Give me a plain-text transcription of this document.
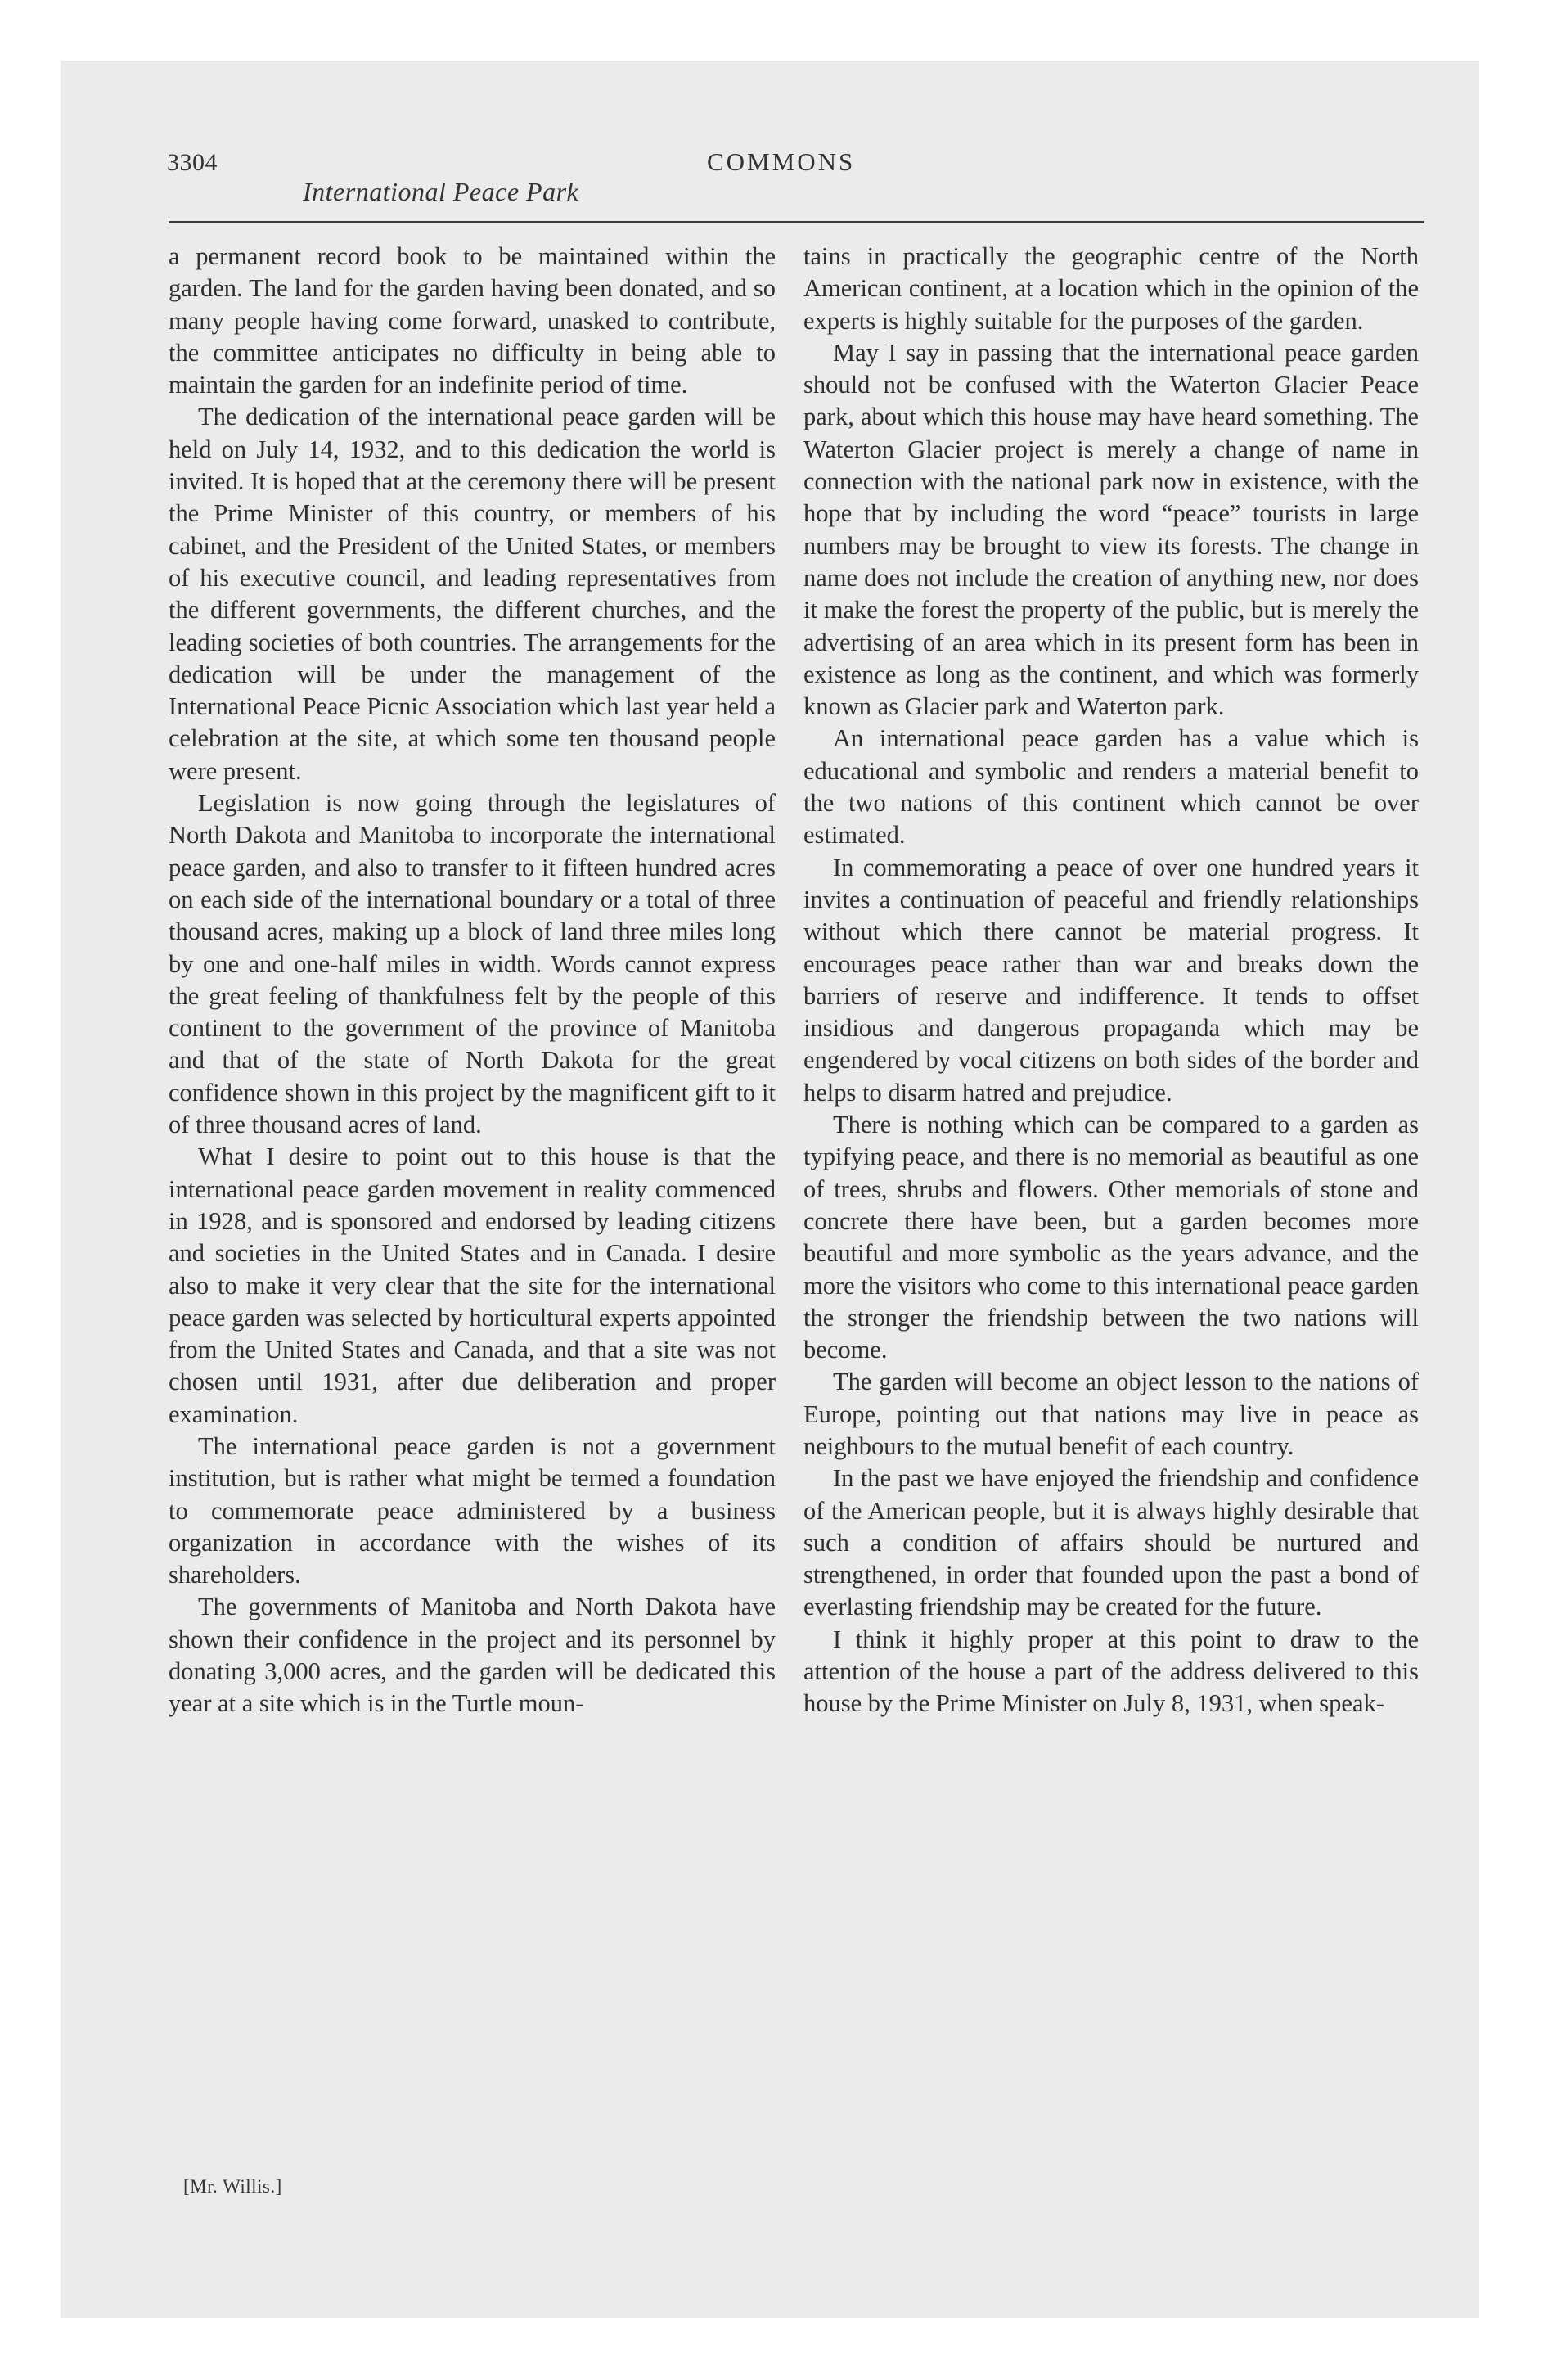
3304	COMMONS
International Peace Park

a permanent record book to be maintained within the garden. The land for the garden having been donated, and so many people having come forward, unasked to contribute, the committee anticipates no difficulty in being able to maintain the garden for an indefinite period of time.

The dedication of the international peace garden will be held on July 14, 1932, and to this dedication the world is invited. It is hoped that at the ceremony there will be present the Prime Minister of this country, or members of his cabinet, and the President of the United States, or members of his executive council, and leading representatives from the different governments, the different churches, and the leading societies of both countries. The arrangements for the dedication will be under the management of the International Peace Picnic Association which last year held a celebration at the site, at which some ten thousand people were present.

Legislation is now going through the legislatures of North Dakota and Manitoba to incorporate the international peace garden, and also to transfer to it fifteen hundred acres on each side of the international boundary or a total of three thousand acres, making up a block of land three miles long by one and one-half miles in width. Words cannot express the great feeling of thankfulness felt by the people of this continent to the government of the province of Manitoba and that of the state of North Dakota for the great confidence shown in this project by the magnificent gift to it of three thousand acres of land.

What I desire to point out to this house is that the international peace garden movement in reality commenced in 1928, and is sponsored and endorsed by leading citizens and societies in the United States and in Canada. I desire also to make it very clear that the site for the international peace garden was selected by horticultural experts appointed from the United States and Canada, and that a site was not chosen until 1931, after due deliberation and proper examination.

The international peace garden is not a government institution, but is rather what might be termed a foundation to commemorate peace administered by a business organization in accordance with the wishes of its shareholders.

The governments of Manitoba and North Dakota have shown their confidence in the project and its personnel by donating 3,000 acres, and the garden will be dedicated this year at a site which is in the Turtle moun-

tains in practically the geographic centre of the North American continent, at a location which in the opinion of the experts is highly suitable for the purposes of the garden.

May I say in passing that the international peace garden should not be confused with the Waterton Glacier Peace park, about which this house may have heard something. The Waterton Glacier project is merely a change of name in connection with the national park now in existence, with the hope that by including the word “peace” tourists in large numbers may be brought to view its forests. The change in name does not include the creation of anything new, nor does it make the forest the property of the public, but is merely the advertising of an area which in its present form has been in existence as long as the continent, and which was formerly known as Glacier park and Waterton park.

An international peace garden has a value which is educational and symbolic and renders a material benefit to the two nations of this continent which cannot be over estimated.

In commemorating a peace of over one hundred years it invites a continuation of peaceful and friendly relationships without which there cannot be material progress. It encourages peace rather than war and breaks down the barriers of reserve and indifference. It tends to offset insidious and dangerous propaganda which may be engendered by vocal citizens on both sides of the border and helps to disarm hatred and prejudice.

There is nothing which can be compared to a garden as typifying peace, and there is no memorial as beautiful as one of trees, shrubs and flowers. Other memorials of stone and concrete there have been, but a garden becomes more beautiful and more symbolic as the years advance, and the more the visitors who come to this international peace garden the stronger the friendship between the two nations will become.

The garden will become an object lesson to the nations of Europe, pointing out that nations may live in peace as neighbours to the mutual benefit of each country.

In the past we have enjoyed the friendship and confidence of the American people, but it is always highly desirable that such a condition of affairs should be nurtured and strengthened, in order that founded upon the past a bond of everlasting friendship may be created for the future.

I think it highly proper at this point to draw to the attention of the house a part of the address delivered to this house by the Prime Minister on July 8, 1931, when speak-

[Mr. Willis.]
